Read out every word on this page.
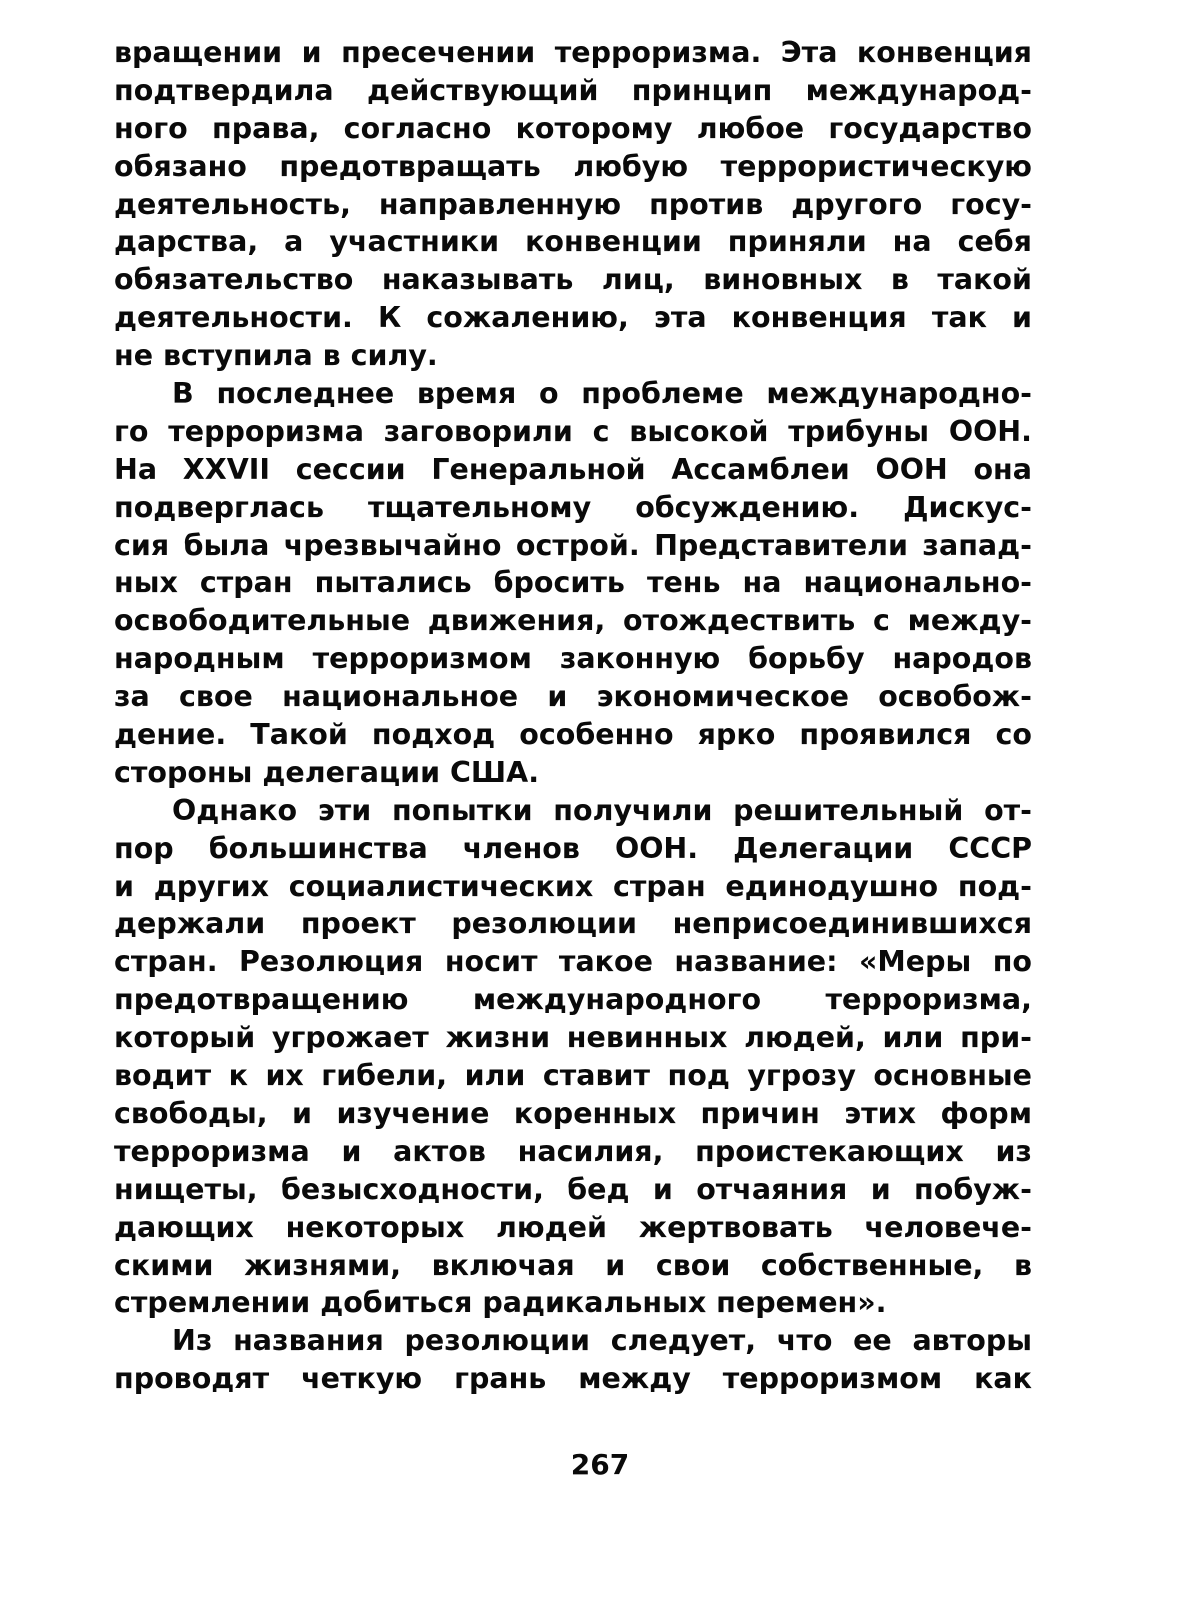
вращении и пресечении терроризма. Эта конвенция
подтвердила действующий принцип международ-
ного права, согласно которому любое государство
обязано предотвращать любую террористическую
деятельность, направленную против другого госу-
дарства, а участники конвенции приняли на себя
обязательство наказывать лиц, виновных в такой
деятельности. К сожалению, эта конвенция так и
не вступила в силу.
В последнее время о проблеме международно-
го терроризма заговорили с высокой трибуны ООН.
На XXVII сессии Генеральной Ассамблеи ООН она
подверглась тщательному обсуждению. Дискус-
сия была чрезвычайно острой. Представители запад-
ных стран пытались бросить тень на национально-
освободительные движения, отождествить с между-
народным терроризмом законную борьбу народов
за свое национальное и экономическое освобож-
дение. Такой подход особенно ярко проявился со
стороны делегации США.
Однако эти попытки получили решительный от-
пор большинства членов ООН. Делегации СССР
и других социалистических стран единодушно под-
держали проект резолюции неприсоединившихся
стран. Резолюция носит такое название: «Меры по
предотвращению международного терроризма,
который угрожает жизни невинных людей, или при-
водит к их гибели, или ставит под угрозу основные
свободы, и изучение коренных причин этих форм
терроризма и актов насилия, проистекающих из
нищеты, безысходности, бед и отчаяния и побуж-
дающих некоторых людей жертвовать человече-
скими жизнями, включая и свои собственные, в
стремлении добиться радикальных перемен».
Из названия резолюции следует, что ее авторы
проводят четкую грань между терроризмом как
267
